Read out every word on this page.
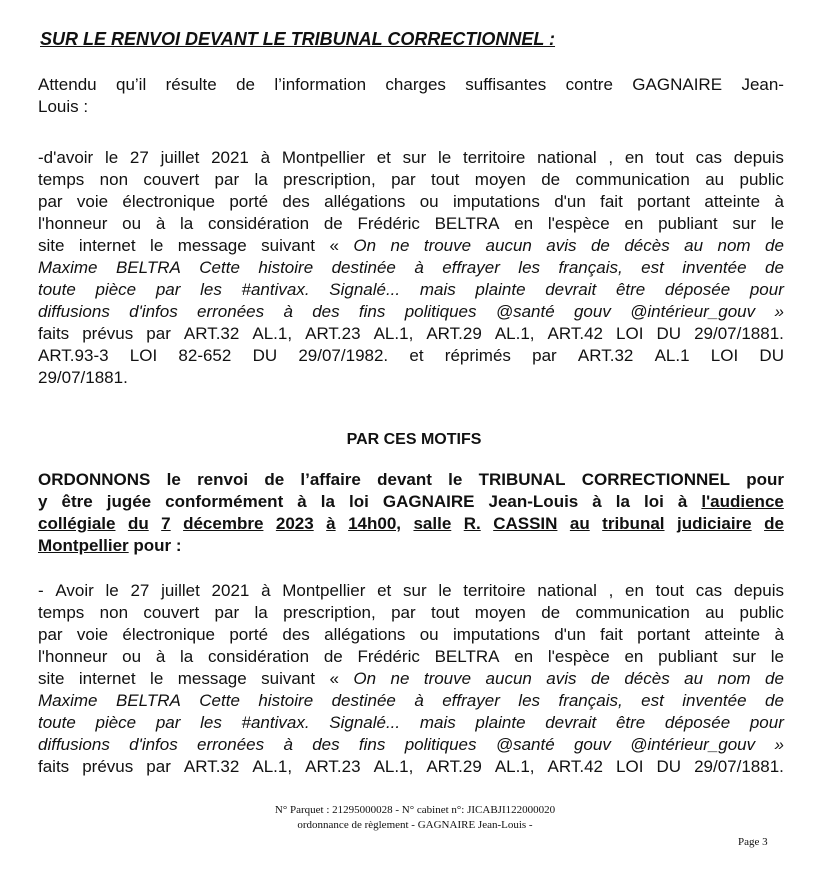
SUR LE RENVOI DEVANT LE TRIBUNAL CORRECTIONNEL :

Attendu qu’il résulte de l’information charges suffisantes contre GAGNAIRE Jean-

Louis :

-d'avoir le 27 juillet 2021 à Montpellier et sur le territoire national , en tout cas depuis

temps non couvert par la prescription, par tout moyen de communication au public

par voie électronique porté des allégations ou imputations d'un fait portant atteinte à

l'honneur ou à la considération de Frédéric BELTRA en l'espèce en publiant sur le

site internet le message suivant « On ne trouve aucun avis de décès au nom de

Maxime BELTRA Cette histoire destinée à effrayer les français, est inventée de

toute pièce par les #antivax. Signalé... mais plainte devrait être déposée pour

diffusions d'infos erronées à des fins politiques @santé gouv @intérieur_gouv »

faits prévus par ART.32 AL.1, ART.23 AL.1, ART.29 AL.1, ART.42 LOI DU 29/07/1881.

ART.93-3 LOI 82-652 DU 29/07/1982. et réprimés par ART.32 AL.1 LOI DU

29/07/1881.

PAR CES MOTIFS

ORDONNONS le renvoi de l’affaire devant le TRIBUNAL CORRECTIONNEL pour

y être jugée conformément à la loi GAGNAIRE Jean-Louis à la loi à l'audience

collégiale du 7 décembre 2023 à 14h00, salle R. CASSIN au tribunal judiciaire de

Montpellier pour :

- Avoir le 27 juillet 2021 à Montpellier et sur le territoire national , en tout cas depuis

temps non couvert par la prescription, par tout moyen de communication au public

par voie électronique porté des allégations ou imputations d'un fait portant atteinte à

l'honneur ou à la considération de Frédéric BELTRA en l'espèce en publiant sur le

site internet le message suivant « On ne trouve aucun avis de décès au nom de

Maxime BELTRA Cette histoire destinée à effrayer les français, est inventée de

toute pièce par les #antivax. Signalé... mais plainte devrait être déposée pour

diffusions d'infos erronées à des fins politiques @santé gouv @intérieur_gouv »

faits prévus par ART.32 AL.1, ART.23 AL.1, ART.29 AL.1, ART.42 LOI DU 29/07/1881.

N° Parquet : 21295000028 - N° cabinet n°: JICABJI122000020
ordonnance de règlement - GAGNAIRE Jean-Louis -
Page 3
